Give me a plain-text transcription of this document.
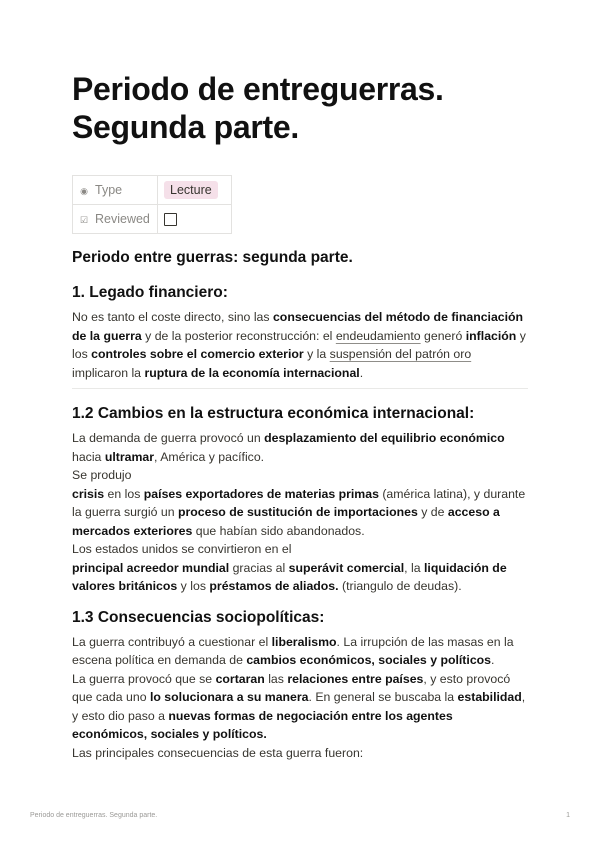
Periodo de entreguerras.
Segunda parte.
◉ Type	Lecture
☑ Reviewed	
Periodo entre guerras: segunda parte.
1. Legado financiero:

No es tanto el coste directo, sino las consecuencias del método de financiación de la guerra y de la posterior reconstrucción: el endeudamiento generó inflación y los controles sobre el comercio exterior y la suspensión del patrón oro implicaron la ruptura de la economía internacional.

1.2 Cambios en la estructura económica internacional:

La demanda de guerra provocó un desplazamiento del equilibrio económico hacia ultramar, América y pacífico.

Se produjo

crisis en los países exportadores de materias primas (américa latina), y durante la guerra surgió un proceso de sustitución de importaciones y de acceso a mercados exteriores que habían sido abandonados.

Los estados unidos se convirtieron en el

principal acreedor mundial gracias al superávit comercial, la liquidación de valores británicos y los préstamos de aliados. (triangulo de deudas).

1.3 Consecuencias sociopolíticas:

La guerra contribuyó a cuestionar el liberalismo. La irrupción de las masas en la escena política en demanda de cambios económicos, sociales y políticos.

La guerra provocó que se cortaran las relaciones entre países, y esto provocó que cada uno lo solucionara a su manera. En general se buscaba la estabilidad, y esto dio paso a nuevas formas de negociación entre los agentes económicos, sociales y políticos.

Las principales consecuencias de esta guerra fueron:

Periodo de entreguerras. Segunda parte.	1
